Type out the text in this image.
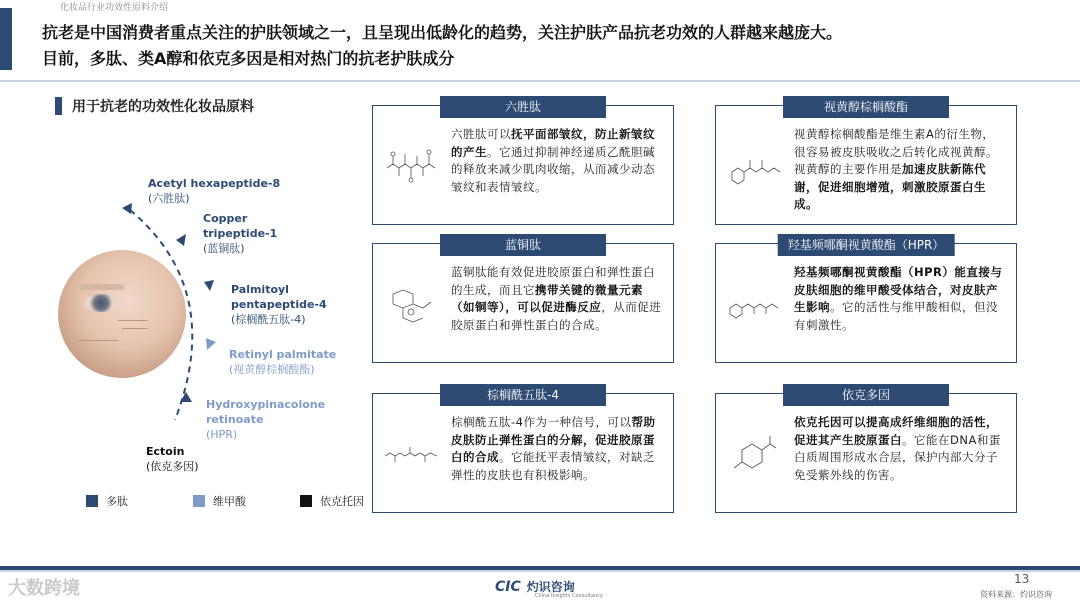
化妆品行业功效性原料介绍
抗老是中国消费者重点关注的护肤领域之一，且呈现出低龄化的趋势，关注护肤产品抗老功效的人群越来越庞大。
目前，多肽、类A醇和依克多因是相对热门的抗老护肤成分
用于抗老的功效性化妆品原料
Acetyl hexapeptide-8
(六胜肽)
Copper tripeptide-1
(蓝铜肽)
Palmitoyl pentapeptide-4
(棕榈酰五肽-4)
Retinyl palmitate
(视黄醇棕榈酸酯)
Hydroxypinacolone retinoate
(HPR)
Ectoin
(依克多因)
多肽	维甲酸	依克托因
六胜肽
六胜肽可以抚平面部皱纹，防止新皱纹的产生。它通过抑制神经递质乙酰胆碱的释放来减少肌肉收缩，从而减少动态皱纹和表情皱纹。
视黄醇棕榈酸酯
视黄醇棕榈酸酯是维生素A的衍生物，很容易被皮肤吸收之后转化成视黄醇。视黄醇的主要作用是加速皮肤新陈代谢，促进细胞增殖，刺激胶原蛋白生成。
蓝铜肽
蓝铜肽能有效促进胶原蛋白和弹性蛋白的生成，而且它携带关键的微量元素（如铜等），可以促进酶反应，从而促进胶原蛋白和弹性蛋白的合成。
羟基频哪酮视黄酸酯（HPR）
羟基频哪酮视黄酸酯（HPR）能直接与皮肤细胞的维甲酸受体结合，对皮肤产生影响。它的活性与维甲酸相似，但没有刺激性。
棕榈酰五肽-4
棕榈酰五肽-4作为一种信号，可以帮助皮肤防止弹性蛋白的分解，促进胶原蛋白的合成。它能抚平表情皱纹，对缺乏弹性的皮肤也有积极影响。
依克多因
依克托因可以提高成纤维细胞的活性，促进其产生胶原蛋白。它能在DNA和蛋白质周围形成水合层，保护内部大分子免受紫外线的伤害。
大数跨境	CIC 灼识咨询
China Insights Consultancy
13
资料来源：灼识咨询
